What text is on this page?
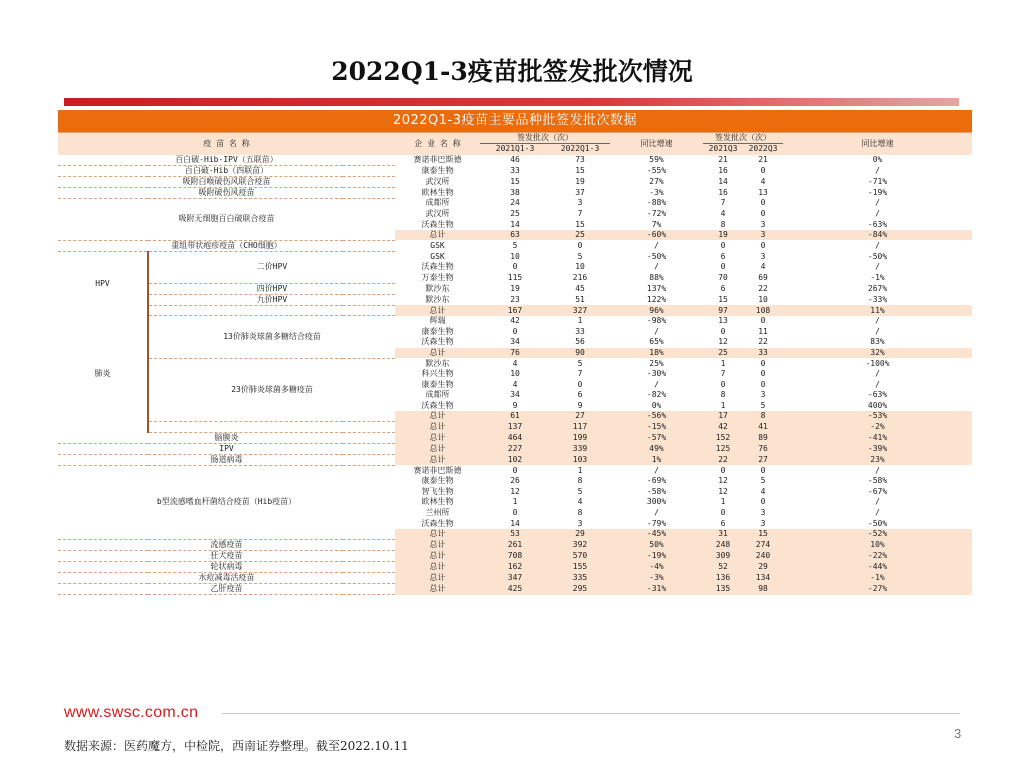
2022Q1-3疫苗批签发批次情况
2022Q1-3疫苗主要品种批签发批次数据
疫 苗 名 称		企 业 名 称	签发批次（次）		同比增速	签发批次（次）		同比增速
			2021Q1-3	2022Q1-3		2021Q3	2022Q3	
百白破-Hib-IPV（五联苗）		赛诺菲巴斯德	46	73	59%	21	21	0%
百白破-Hib（四联苗）		康泰生物	33	15	-55%	16	0	/
吸附白喉破伤风联合疫苗		武汉所	15	19	27%	14	4	-71%
吸附破伤风疫苗		欧林生物	38	37	-3%	16	13	-19%
吸附无细胞百白破联合疫苗		成都所	24	3	-88%	7	0	/
		武汉所	25	7	-72%	4	0	/
		沃森生物	14	15	7%	8	3	-63%
		总计	63	25	-60%	19	3	-84%
重组带状疱疹疫苗（CHO细胞）		GSK	5	0	/	0	0	/
HPV	二价HPV	GSK	10	5	-50%	6	3	-50%
		沃森生物	0	10	/	0	4	/
		万泰生物	115	216	88%	70	69	-1%
	四价HPV	默沙东	19	45	137%	6	22	267%
	九价HPV	默沙东	23	51	122%	15	10	-33%
		总计	167	327	96%	97	108	11%
肺炎	13价肺炎球菌多糖结合疫苗	辉瑞	42	1	-98%	13	0	/
		康泰生物	0	33	/	0	11	/
		沃森生物	34	56	65%	12	22	83%
		总计	76	90	18%	25	33	32%
	23价肺炎球菌多糖疫苗	默沙东	4	5	25%	1	0	-100%
		科兴生物	10	7	-30%	7	0	/
		康泰生物	4	0	/	0	0	/
		成都所	34	6	-82%	8	3	-63%
		沃森生物	9	9	0%	1	5	400%
		总计	61	27	-56%	17	8	-53%
		总计	137	117	-15%	42	41	-2%
脑膜炎		总计	464	199	-57%	152	89	-41%
IPV		总计	227	339	49%	125	76	-39%
肠道病毒		总计	102	103	1%	22	27	23%
b型流感嗜血杆菌结合疫苗（Hib疫苗）		赛诺菲巴斯德	0	1	/	0	0	/
		康泰生物	26	8	-69%	12	5	-58%
		智飞生物	12	5	-58%	12	4	-67%
		欧林生物	1	4	300%	1	0	/
		兰州所	0	8	/	0	3	/
		沃森生物	14	3	-79%	6	3	-50%
		总计	53	29	-45%	31	15	-52%
流感疫苗		总计	261	392	50%	248	274	10%
狂犬疫苗		总计	708	570	-19%	309	240	-22%
轮状病毒		总计	162	155	-4%	52	29	-44%
水痘减毒活疫苗		总计	347	335	-3%	136	134	-1%
乙肝疫苗		总计	425	295	-31%	135	98	-27%
www.swsc.com.cn
3
数据来源：医药魔方，中检院，西南证券整理。截至2022.10.11
